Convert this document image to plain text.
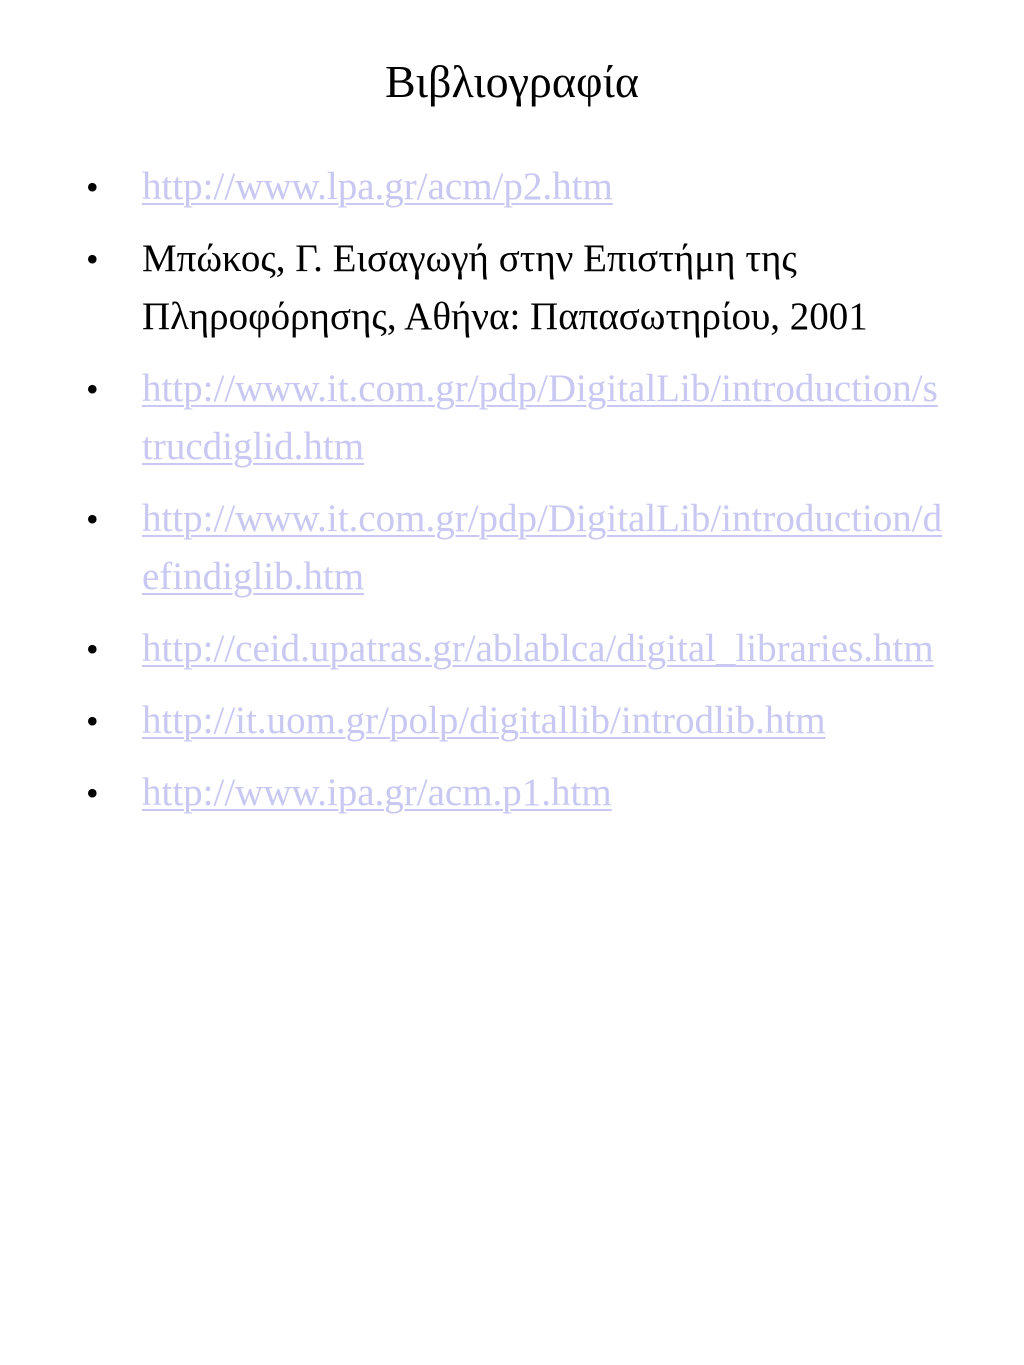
Βιβλιογραφία
• http://www.lpa.gr/acm/p2.htm
• Μπώκος, Γ. Εισαγωγή στην Επιστήμη της Πληροφόρησης, Αθήνα: Παπασωτηρίου, 2001
• http://www.it.com.gr/pdp/DigitalLib/introduction/strucdiglid.htm
• http://www.it.com.gr/pdp/DigitalLib/introduction/defindiglib.htm
• http://ceid.upatras.gr/ablablca/digital_libraries.htm
• http://it.uom.gr/polp/digitallib/introdlib.htm
• http://www.ipa.gr/acm.p1.htm
